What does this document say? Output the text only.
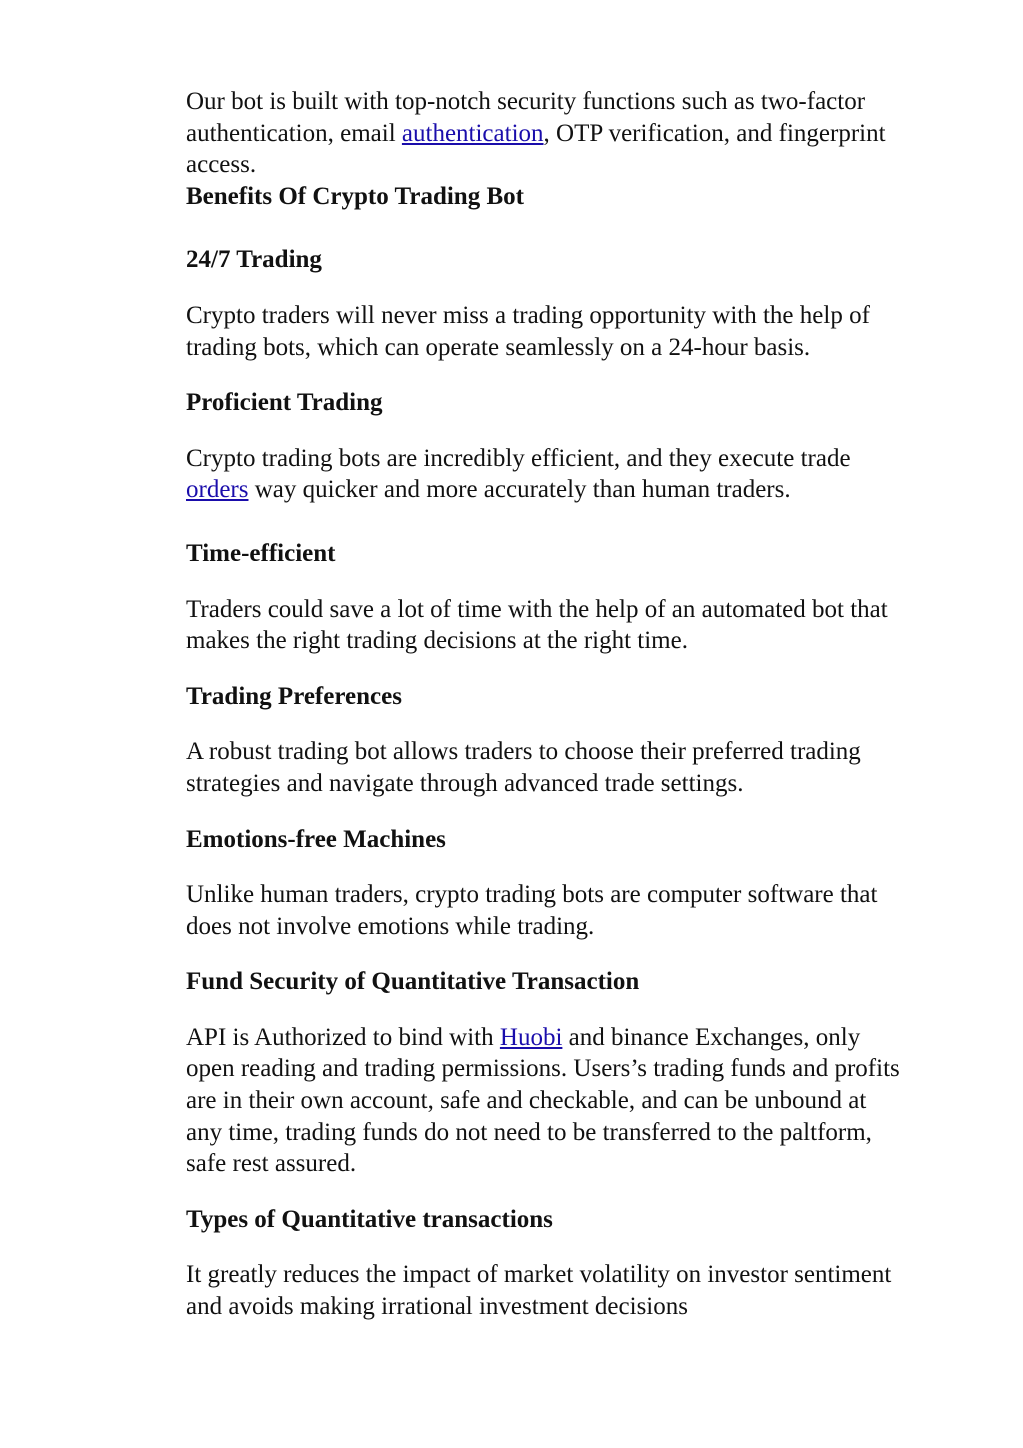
Our bot is built with top-notch security functions such as two-factor authentication, email authentication, OTP verification, and fingerprint access.

Benefits Of Crypto Trading Bot

24/7 Trading

Crypto traders will never miss a trading opportunity with the help of trading bots, which can operate seamlessly on a 24-hour basis.

Proficient Trading

Crypto trading bots are incredibly efficient, and they execute trade orders way quicker and more accurately than human traders.

Time-efficient

Traders could save a lot of time with the help of an automated bot that makes the right trading decisions at the right time.

Trading Preferences

A robust trading bot allows traders to choose their preferred trading strategies and navigate through advanced trade settings.

Emotions-free Machines

Unlike human traders, crypto trading bots are computer software that does not involve emotions while trading.

Fund Security of Quantitative Transaction

API is Authorized to bind with Huobi and binance Exchanges, only open reading and trading permissions. Users’s trading funds and profits are in their own account, safe and checkable, and can be unbound at any time, trading funds do not need to be transferred to the paltform, safe rest assured.

Types of Quantitative transactions

It greatly reduces the impact of market volatility on investor sentiment and avoids making irrational investment decisions
